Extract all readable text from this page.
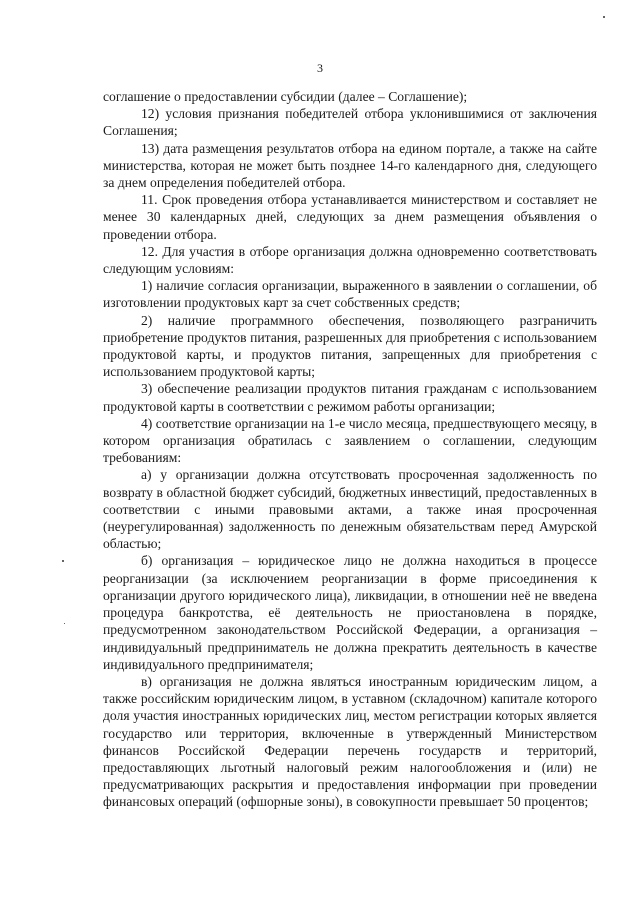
3

соглашение о предоставлении субсидии (далее – Соглашение);

12) условия признания победителей отбора уклонившимися от заключения Соглашения;

13) дата размещения результатов отбора на едином портале, а также на сайте министерства, которая не может быть позднее 14-го календарного дня, следующего за днем определения победителей отбора.

11. Срок проведения отбора устанавливается министерством и составляет не менее 30 календарных дней, следующих за днем размещения объявления о проведении отбора.

12. Для участия в отборе организация должна одновременно соответствовать следующим условиям:

1) наличие согласия организации, выраженного в заявлении о соглашении, об изготовлении продуктовых карт за счет собственных средств;

2) наличие программного обеспечения, позволяющего разграничить приобретение продуктов питания, разрешенных для приобретения с использованием продуктовой карты, и продуктов питания, запрещенных для приобретения с использованием продуктовой карты;

3) обеспечение реализации продуктов питания гражданам с использованием продуктовой карты в соответствии с режимом работы организации;

4) соответствие организации на 1-е число месяца, предшествующего месяцу, в котором организация обратилась с заявлением о соглашении, следующим требованиям:

а) у организации должна отсутствовать просроченная задолженность по возврату в областной бюджет субсидий, бюджетных инвестиций, предоставленных в соответствии с иными правовыми актами, а также иная просроченная (неурегулированная) задолженность по денежным обязательствам перед Амурской областью;

б) организация – юридическое лицо не должна находиться в процессе реорганизации (за исключением реорганизации в форме присоединения к организации другого юридического лица), ликвидации, в отношении неё не введена процедура банкротства, её деятельность не приостановлена в порядке, предусмотренном законодательством Российской Федерации, а организация – индивидуальный предприниматель не должна прекратить деятельность в качестве индивидуального предпринимателя;

в) организация не должна являться иностранным юридическим лицом, а также российским юридическим лицом, в уставном (складочном) капитале которого доля участия иностранных юридических лиц, местом регистрации которых является государство или территория, включенные в утвержденный Министерством финансов Российской Федерации перечень государств и территорий, предоставляющих льготный налоговый режим налогообложения и (или) не предусматривающих раскрытия и предоставления информации при проведении финансовых операций (офшорные зоны), в совокупности превышает 50 процентов;
